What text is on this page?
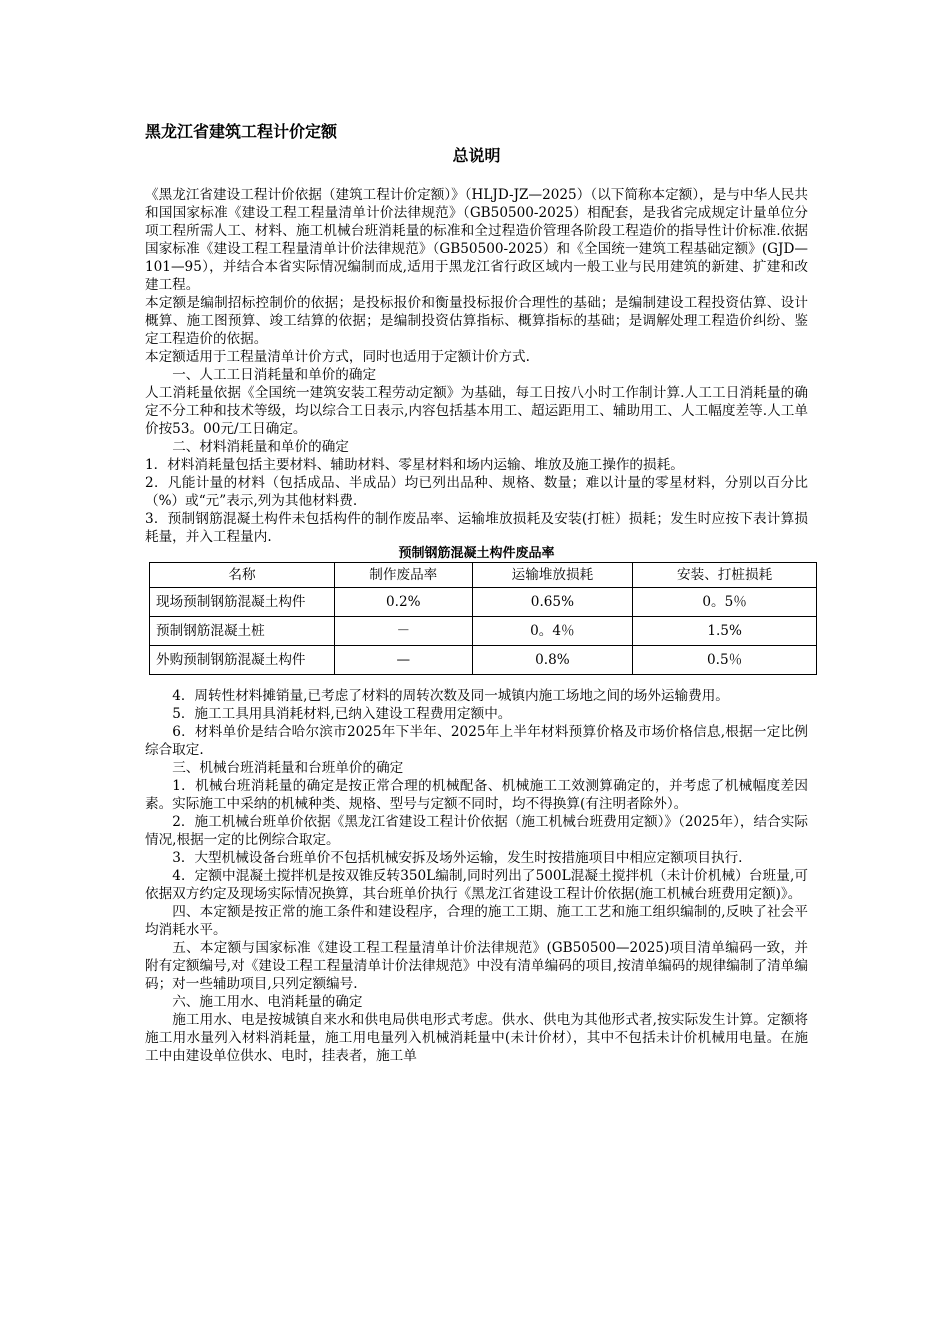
黑龙江省建筑工程计价定额
总说明

《黑龙江省建设工程计价依据（建筑工程计价定额）》（HLJD-JZ—2025）（以下简称本定额），是与中华人民共和国国家标准《建设工程工程量清单计价法律规范》（GB50500-2025）相配套，是我省完成规定计量单位分项工程所需人工、材料、施工机械台班消耗量的标准和全过程造价管理各阶段工程造价的指导性计价标准.依据国家标准《建设工程工程量清单计价法律规范》（GB50500-2025）和《全国统一建筑工程基础定额》(GJD—101—95），并结合本省实际情况编制而成,适用于黑龙江省行政区域内一般工业与民用建筑的新建、扩建和改建工程。

本定额是编制招标控制价的依据；是投标报价和衡量投标报价合理性的基础；是编制建设工程投资估算、设计概算、施工图预算、竣工结算的依据；是编制投资估算指标、概算指标的基础；是调解处理工程造价纠纷、鉴定工程造价的依据。

本定额适用于工程量清单计价方式，同时也适用于定额计价方式.

一、人工工日消耗量和单价的确定

人工消耗量依据《全国统一建筑安装工程劳动定额》为基础，每工日按八小时工作制计算.人工工日消耗量的确定不分工种和技术等级，均以综合工日表示,内容包括基本用工、超运距用工、辅助用工、人工幅度差等.人工单价按53。00元/工日确定。

二、材料消耗量和单价的确定

1．材料消耗量包括主要材料、辅助材料、零星材料和场内运输、堆放及施工操作的损耗。

2．凡能计量的材料（包括成品、半成品）均已列出品种、规格、数量；难以计量的零星材料，分别以百分比（%）或“元”表示,列为其他材料费.

3．预制钢筋混凝土构件未包括构件的制作废品率、运输堆放损耗及安装(打桩）损耗；发生时应按下表计算损耗量，并入工程量内.

预制钢筋混凝土构件废品率
名称	制作废品率	运输堆放损耗	安装、打桩损耗
现场预制钢筋混凝土构件	0.2%	0.65%	0。5％
预制钢筋混凝土桩	－	0。4％	1.5%
外购预制钢筋混凝土构件	—	0.8%	0.5％

4．周转性材料摊销量,已考虑了材料的周转次数及同一城镇内施工场地之间的场外运输费用。

5．施工工具用具消耗材料,已纳入建设工程费用定额中。

6．材料单价是结合哈尔滨市2025年下半年、2025年上半年材料预算价格及市场价格信息,根据一定比例综合取定.

三、机械台班消耗量和台班单价的确定

1．机械台班消耗量的确定是按正常合理的机械配备、机械施工工效测算确定的，并考虑了机械幅度差因素。实际施工中采纳的机械种类、规格、型号与定额不同时，均不得换算(有注明者除外）。

2．施工机械台班单价依据《黑龙江省建设工程计价依据（施工机械台班费用定额）》（2025年），结合实际情况,根据一定的比例综合取定。

3．大型机械设备台班单价不包括机械安拆及场外运输，发生时按措施项目中相应定额项目执行.

4．定额中混凝土搅拌机是按双锥反转350L编制,同时列出了500L混凝土搅拌机（未计价机械）台班量,可依据双方约定及现场实际情况换算，其台班单价执行《黑龙江省建设工程计价依据(施工机械台班费用定额)》。

四、本定额是按正常的施工条件和建设程序，合理的施工工期、施工工艺和施工组织编制的,反映了社会平均消耗水平。

五、本定额与国家标准《建设工程工程量清单计价法律规范》(GB50500—2025)项目清单编码一致，并附有定额编号,对《建设工程工程量清单计价法律规范》中没有清单编码的项目,按清单编码的规律编制了清单编码；对一些辅助项目,只列定额编号.

六、施工用水、电消耗量的确定

施工用水、电是按城镇自来水和供电局供电形式考虑。供水、供电为其他形式者,按实际发生计算。定额将施工用水量列入材料消耗量，施工用电量列入机械消耗量中(未计价材），其中不包括未计价机械用电量。在施工中由建设单位供水、电时，挂表者，施工单
